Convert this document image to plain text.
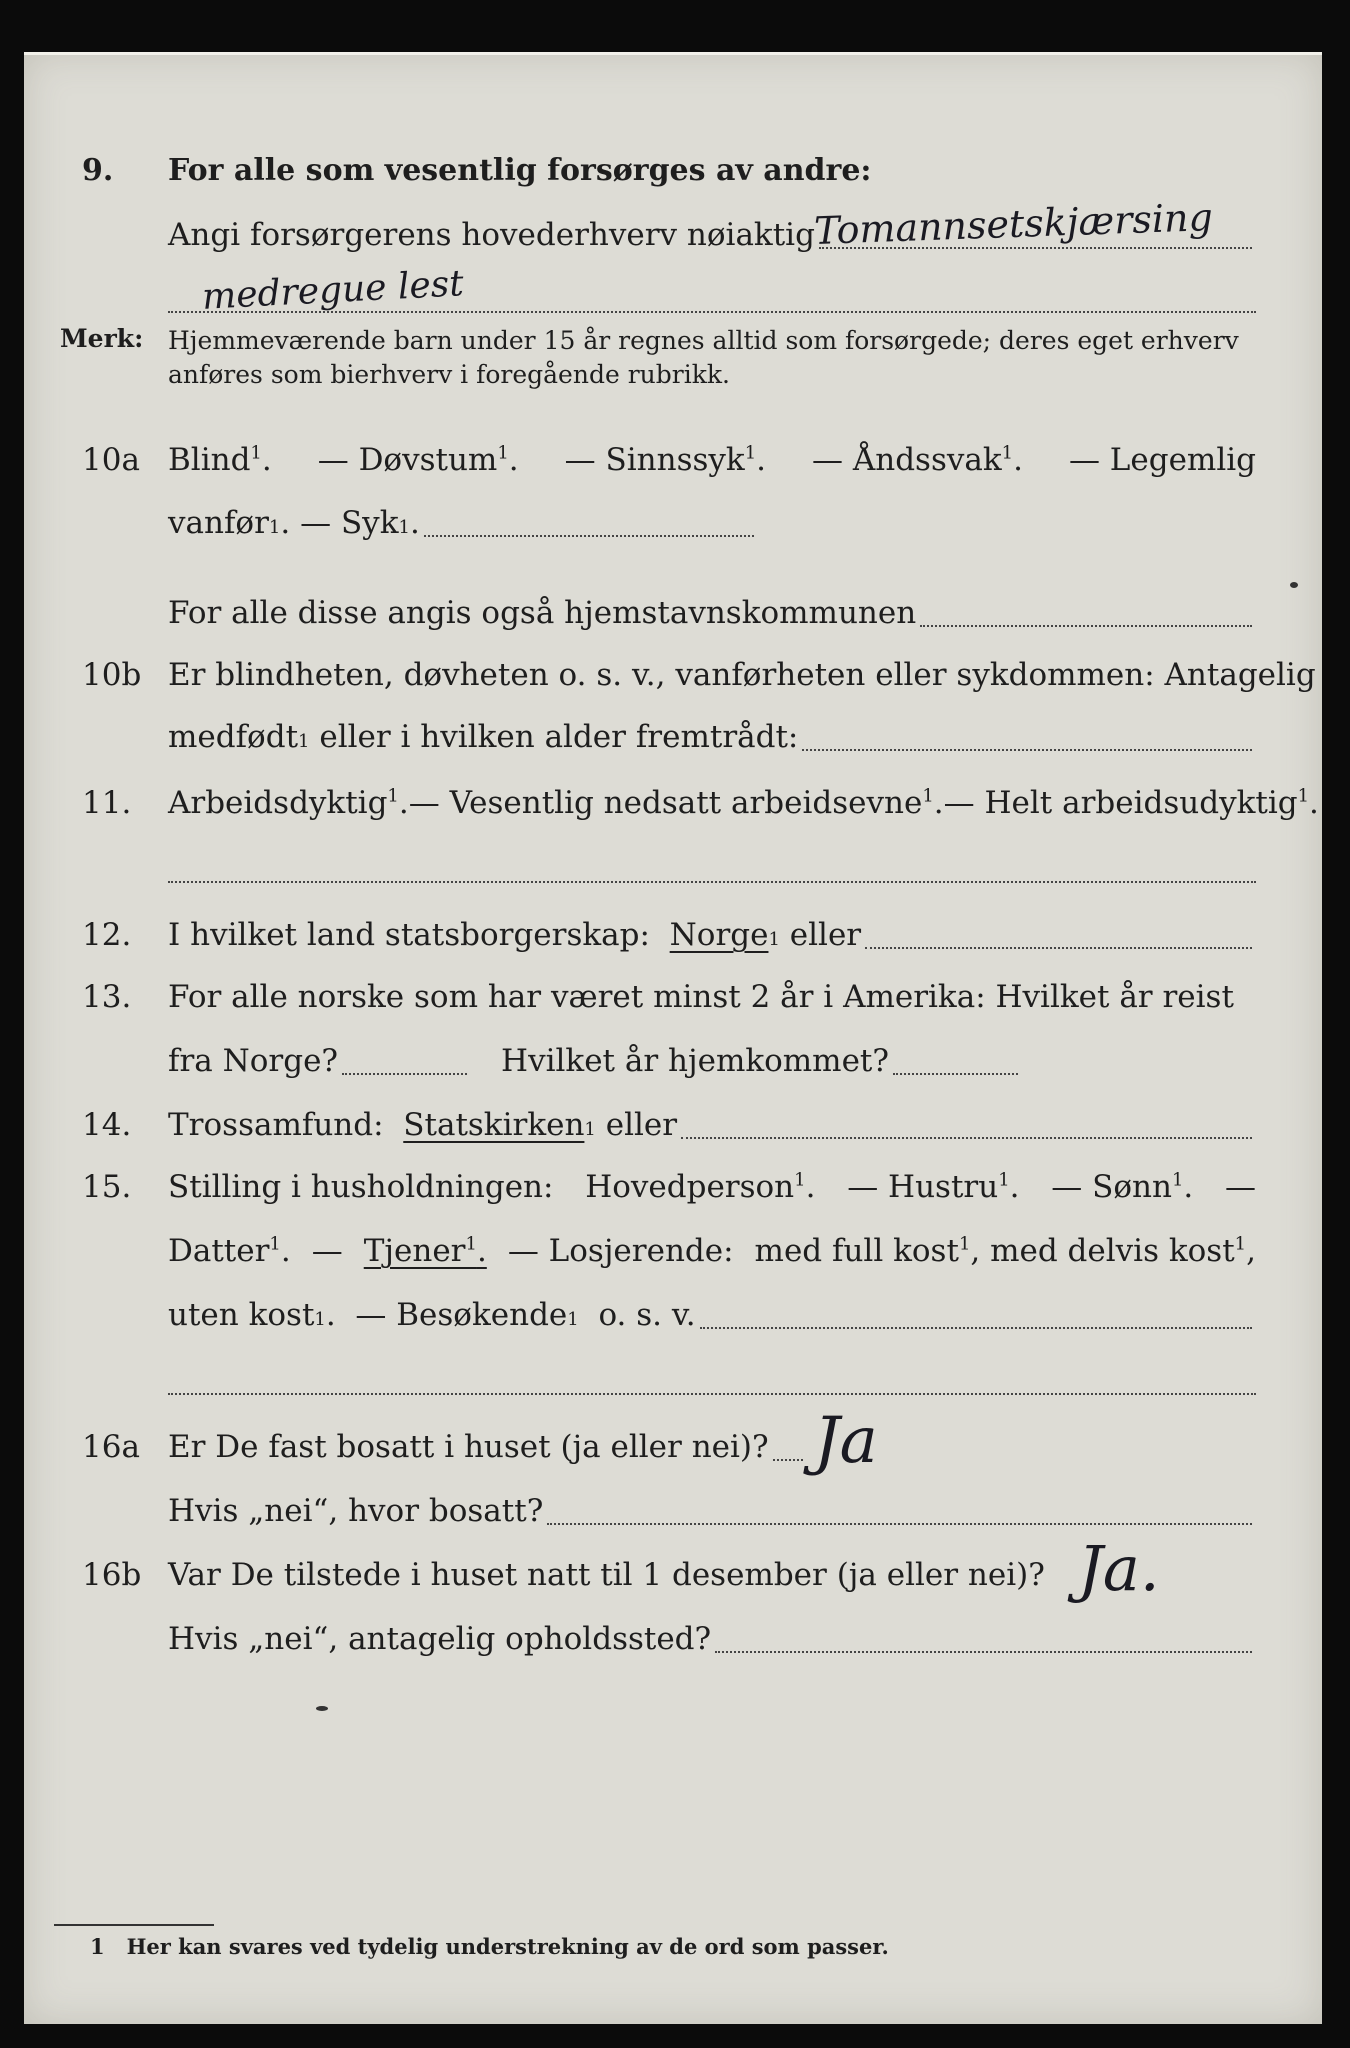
9. For alle som vesentlig forsørges av andre:
Angi forsørgerens hovederhverv nøiaktig
Tomannsetskjærsing
medregue lest
Merk: Hjemmeværende barn under 15 år regnes alltid som forsørgede; deres eget erhverv anføres som bierhverv i foregående rubrikk.
10a Blind$^1$. — Døvstum$^1$. — Sinnssyk$^1$. — Åndssvak$^1$. — Legemlig
vanfør 1 . — Syk 1 .
For alle disse angis også hjemstavnskommunen
10b Er blindheten, døvheten o. s. v., vanførheten eller sykdommen: Antagelig
medfødt 1
eller i hvilken alder fremtrådt:
11. Arbeidsdyktig$^1$. — Vesentlig nedsatt arbeidsevne$^1$. — Helt arbeidsudyktig$^1$.
12. I hvilket land statsborgerskap:
Norge 1
eller
13. For alle norske som har været minst 2 år i Amerika: Hvilket år reist
fra Norge?	Hvilket år hjemkommet?
14. Trossamfund:
Statskirken 1
eller
15. Stilling i husholdningen: Hovedperson$^1$. — Hustru$^1$. — Sønn$^1$. —
Datter$^1$. — Tjener$^1$. — Losjerende: med full kost$^1$, med delvis kost$^1$,
uten kost 1 . — Besøkende 1
o. s. v.
16a Er De fast bosatt i huset (ja eller nei)? Ja
Hvis „nei“, hvor bosatt?
16b Var De tilstede i huset natt til 1 desember (ja eller nei)? Ja.
Hvis „nei“, antagelig opholdssted?
1 Her kan svares ved tydelig understrekning av de ord som passer.
